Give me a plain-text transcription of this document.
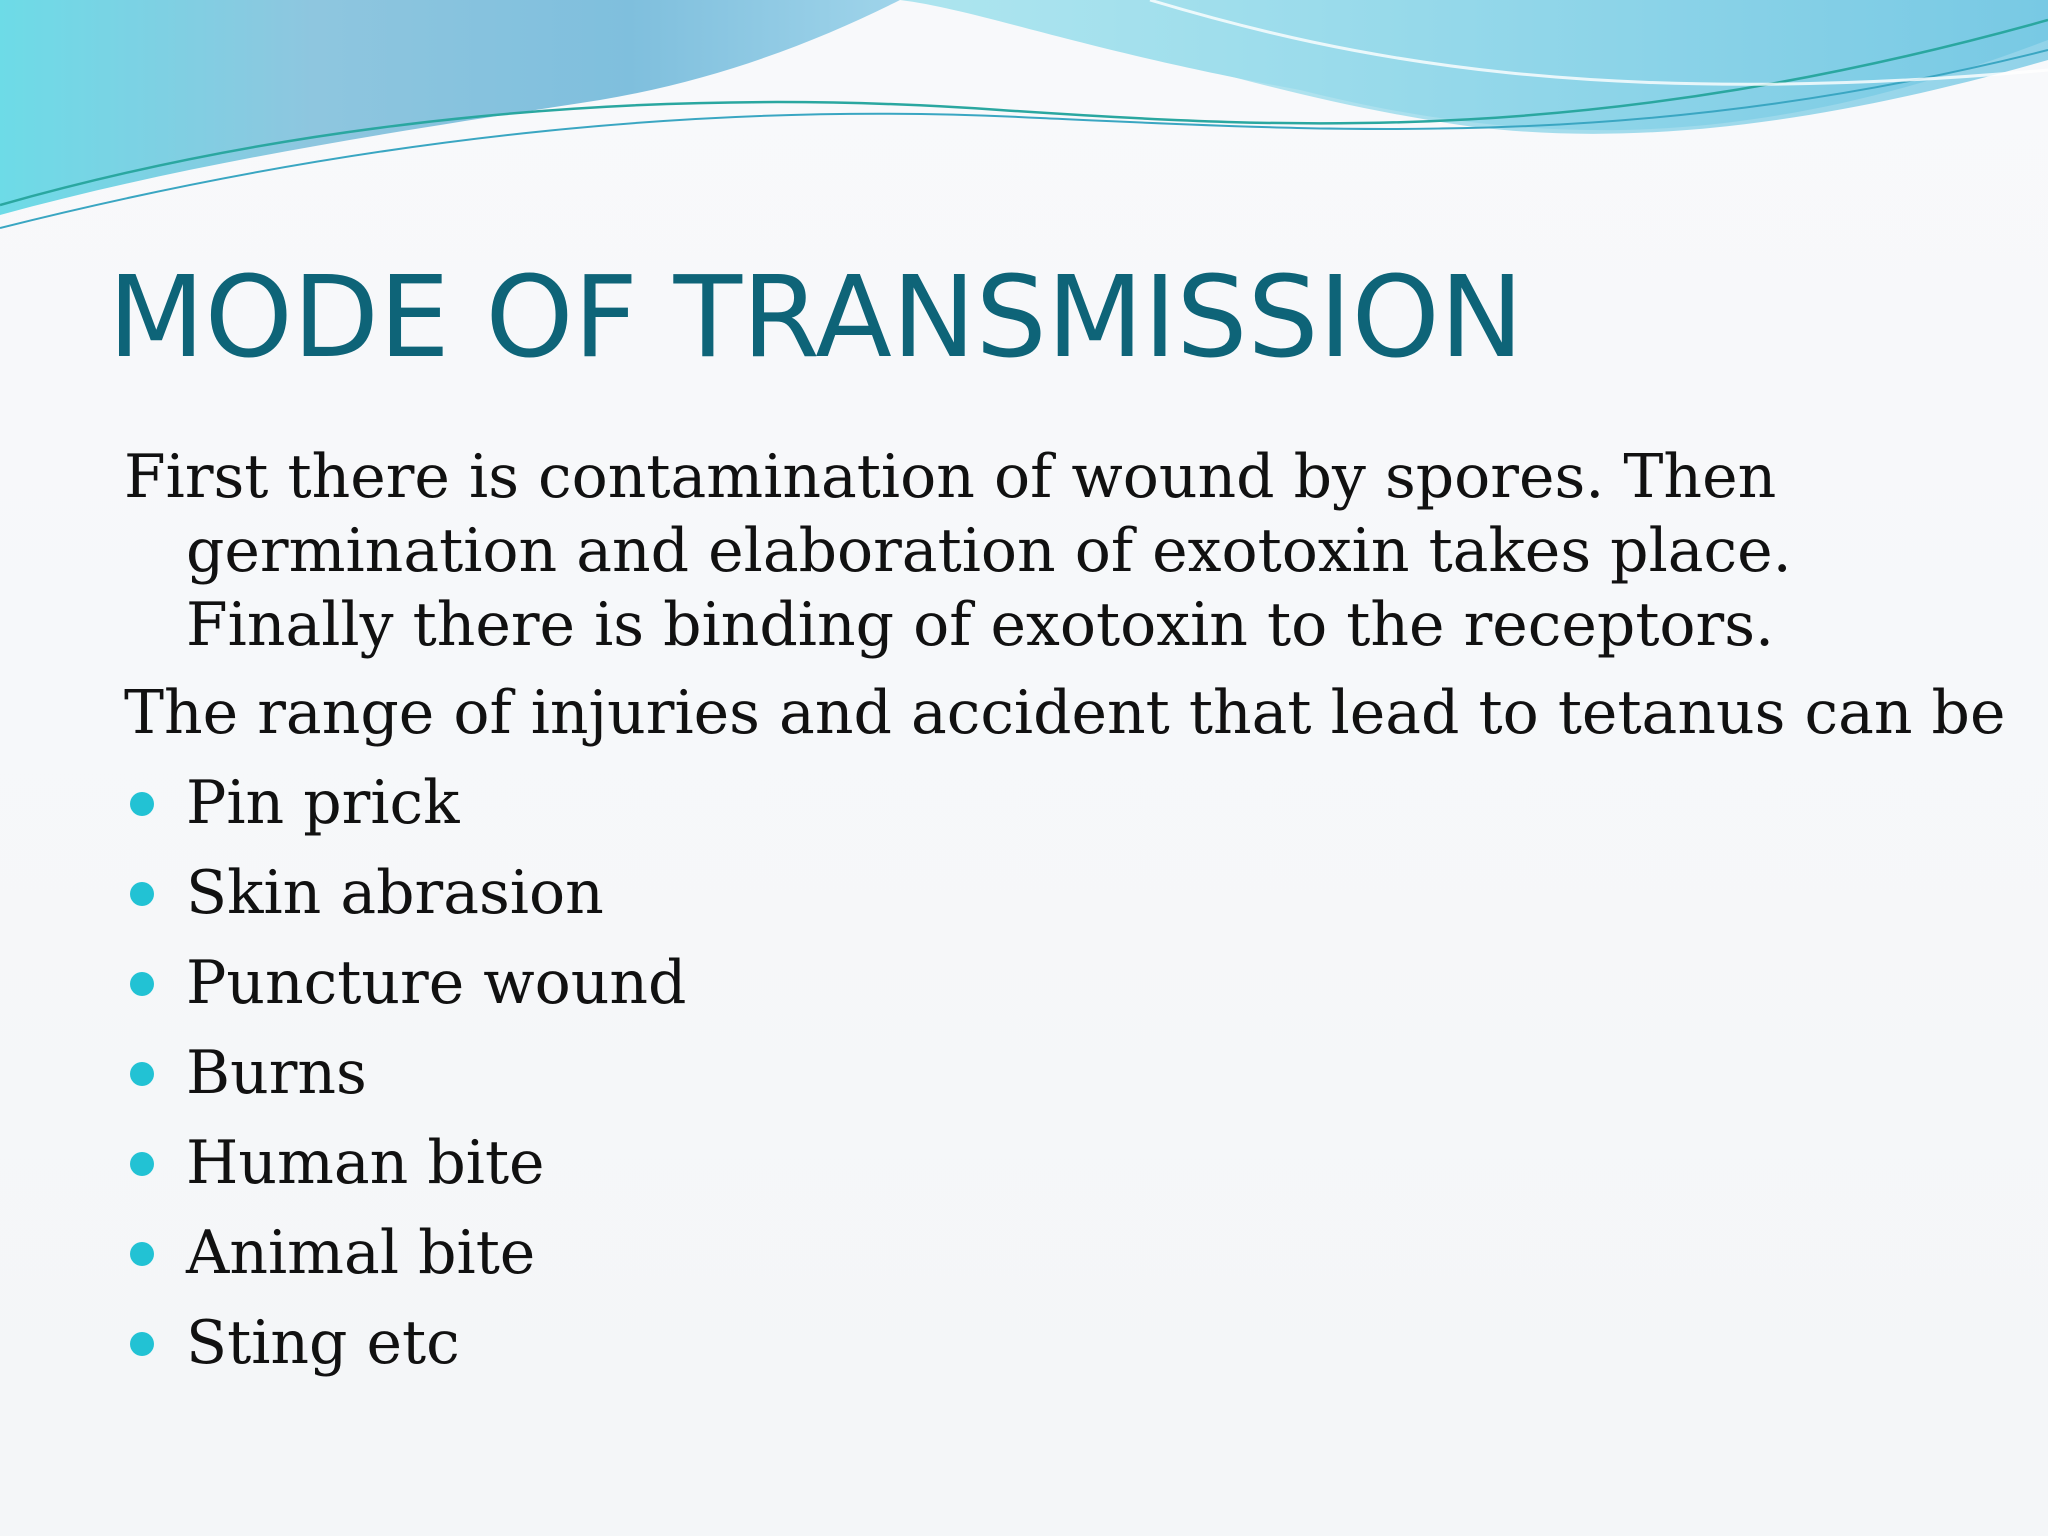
MODE OF TRANSMISSION

First there is contamination of wound by spores. Then germination and elaboration of exotoxin takes place. Finally there is binding of exotoxin to the receptors.

The range of injuries and accident that lead to tetanus can be

Pin prick
Skin abrasion
Puncture wound
Burns
Human bite
Animal bite
Sting etc
